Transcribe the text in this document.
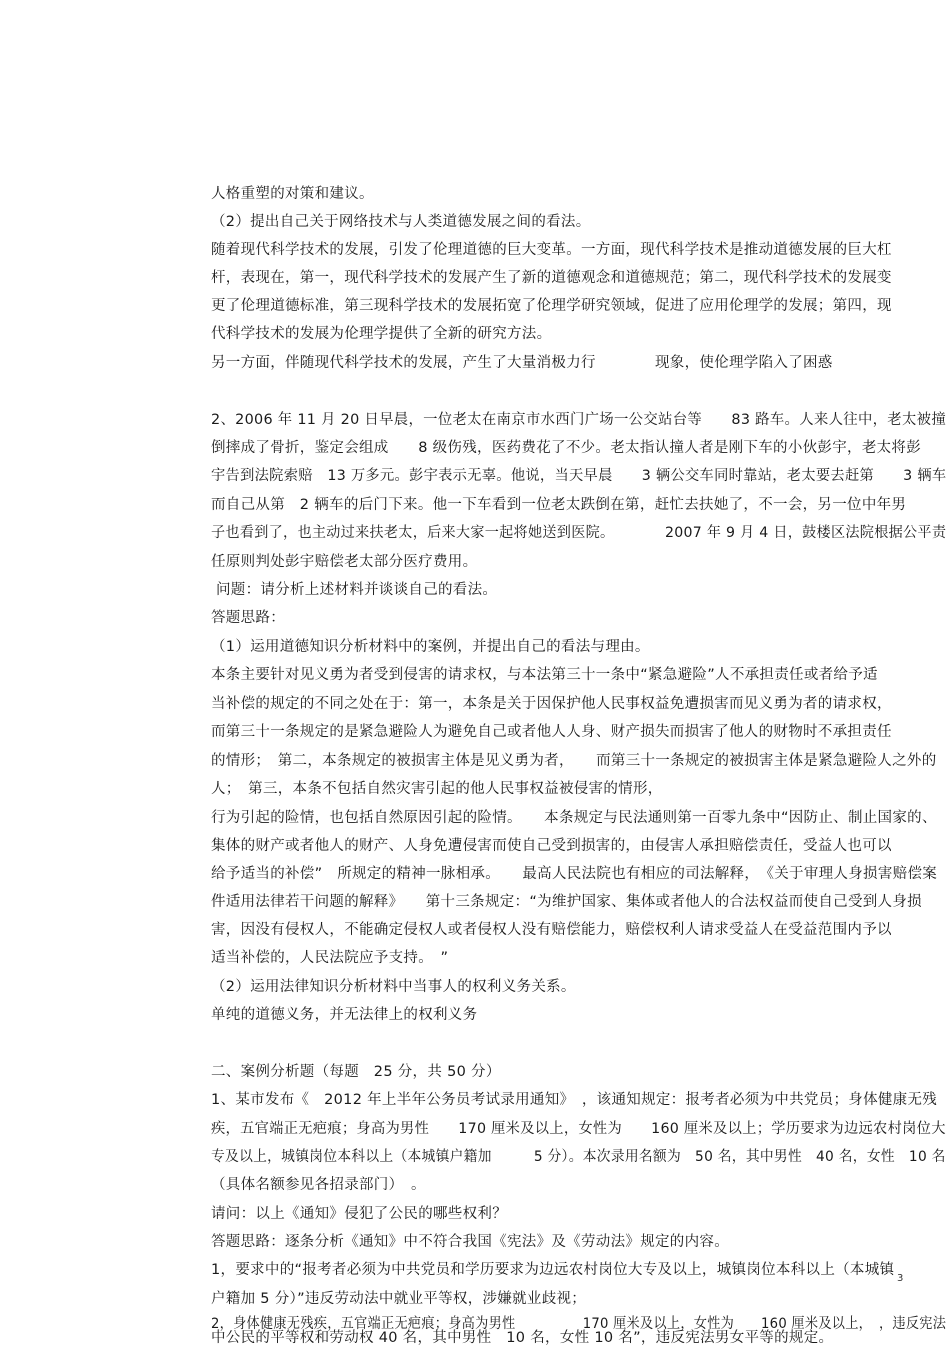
人格重塑的对策和建议。
（2）提出自己关于网络技术与人类道德发展之间的看法。
随着现代科学技术的发展，引发了伦理道德的巨大变革。一方面，现代科学技术是推动道德发展的巨大杠
杆，表现在，第一，现代科学技术的发展产生了新的道德观念和道德规范；第二，现代科学技术的发展变
更了伦理道德标准，第三现科学技术的发展拓宽了伦理学研究领域，促进了应用伦理学的发展；第四，现
代科学技术的发展为伦理学提供了全新的研究方法。
另一方面，伴随现代科学技术的发展，产生了大量消极力行　　　　现象，使伦理学陷入了困惑
2、2006 年 11 月 20 日早晨，一位老太在南京市水西门广场一公交站台等　　83 路车。人来人往中，老太被撞
倒摔成了骨折，鉴定会组成　　8 级伤残，医药费花了不少。老太指认撞人者是刚下车的小伙彭宇，老太将彭
宇告到法院索赔　13 万多元。彭宇表示无辜。他说，当天早晨　　3 辆公交车同时靠站，老太要去赶第　　3 辆车
而自己从第　2 辆车的后门下来。他一下车看到一位老太跌倒在第，赶忙去扶她了，不一会，另一位中年男
子也看到了，也主动过来扶老太，后来大家一起将她送到医院。　　　　2007 年 9 月 4 日，鼓楼区法院根据公平责
任原则判处彭宇赔偿老太部分医疗费用。
问题：请分析上述材料并谈谈自己的看法。
答题思路：
（1）运用道德知识分析材料中的案例，并提出自己的看法与理由。
本条主要针对见义勇为者受到侵害的请求权，与本法第三十一条中“紧急避险”人不承担责任或者给予适
当补偿的规定的不同之处在于：第一，本条是关于因保护他人民事权益免遭损害而见义勇为者的请求权，
而第三十一条规定的是紧急避险人为避免自己或者他人人身、财产损失而损害了他人的财物时不承担责任
的情形；　第二，本条规定的被损害主体是见义勇为者，　　而第三十一条规定的被损害主体是紧急避险人之外的
人；　第三，本条不包括自然灾害引起的他人民事权益被侵害的情形，
行为引起的险情，也包括自然原因引起的险情。　　本条规定与民法通则第一百零九条中“因防止、制止国家的、
集体的财产或者他人的财产、人身免遭侵害而使自己受到损害的，由侵害人承担赔偿责任，受益人也可以
给予适当的补偿”　所规定的精神一脉相承。　　最高人民法院也有相应的司法解释，　《关于审理人身损害赔偿案
件适用法律若干问题的解释》　　第十三条规定：“为维护国家、集体或者他人的合法权益而使自己受到人身损
害，因没有侵权人，不能确定侵权人或者侵权人没有赔偿能力，赔偿权利人请求受益人在受益范围内予以
适当补偿的，人民法院应予支持。　”
（2）运用法律知识分析材料中当事人的权利义务关系。
单纯的道德义务，并无法律上的权利义务
二、案例分析题（每题　25 分，共 50 分）
1、某市发布《　2012 年上半年公务员考试录用通知》　，该通知规定：报考者必须为中共党员；身体健康无残
疾，五官端正无疤痕；身高为男性　　170 厘米及以上，女性为　　160 厘米及以上；学历要求为边远农村岗位大
专及以上，城镇岗位本科以上（本城镇户籍加　　　5 分）。本次录用名额为　50 名，其中男性　40 名，女性　10 名
（具体名额参见各招录部门）　。
请问：以上《通知》侵犯了公民的哪些权利？
答题思路：逐条分析《通知》中不符合我国《宪法》及《劳动法》规定的内容。
1，要求中的“报考者必须为中共党员和学历要求为边远农村岗位大专及以上，城镇岗位本科以上（本城镇
户籍加 5 分）”违反劳动法中就业平等权，涉嫌就业歧视；
2，身体健康无残疾，五官端正无疤痕；身高为男性　　　　　170 厘米及以上，女性为　　160 厘米及以上，　，违反宪法
中公民的平等权和劳动权 40 名，其中男性　10 名，女性 10 名”，违反宪法男女平等的规定。
3
